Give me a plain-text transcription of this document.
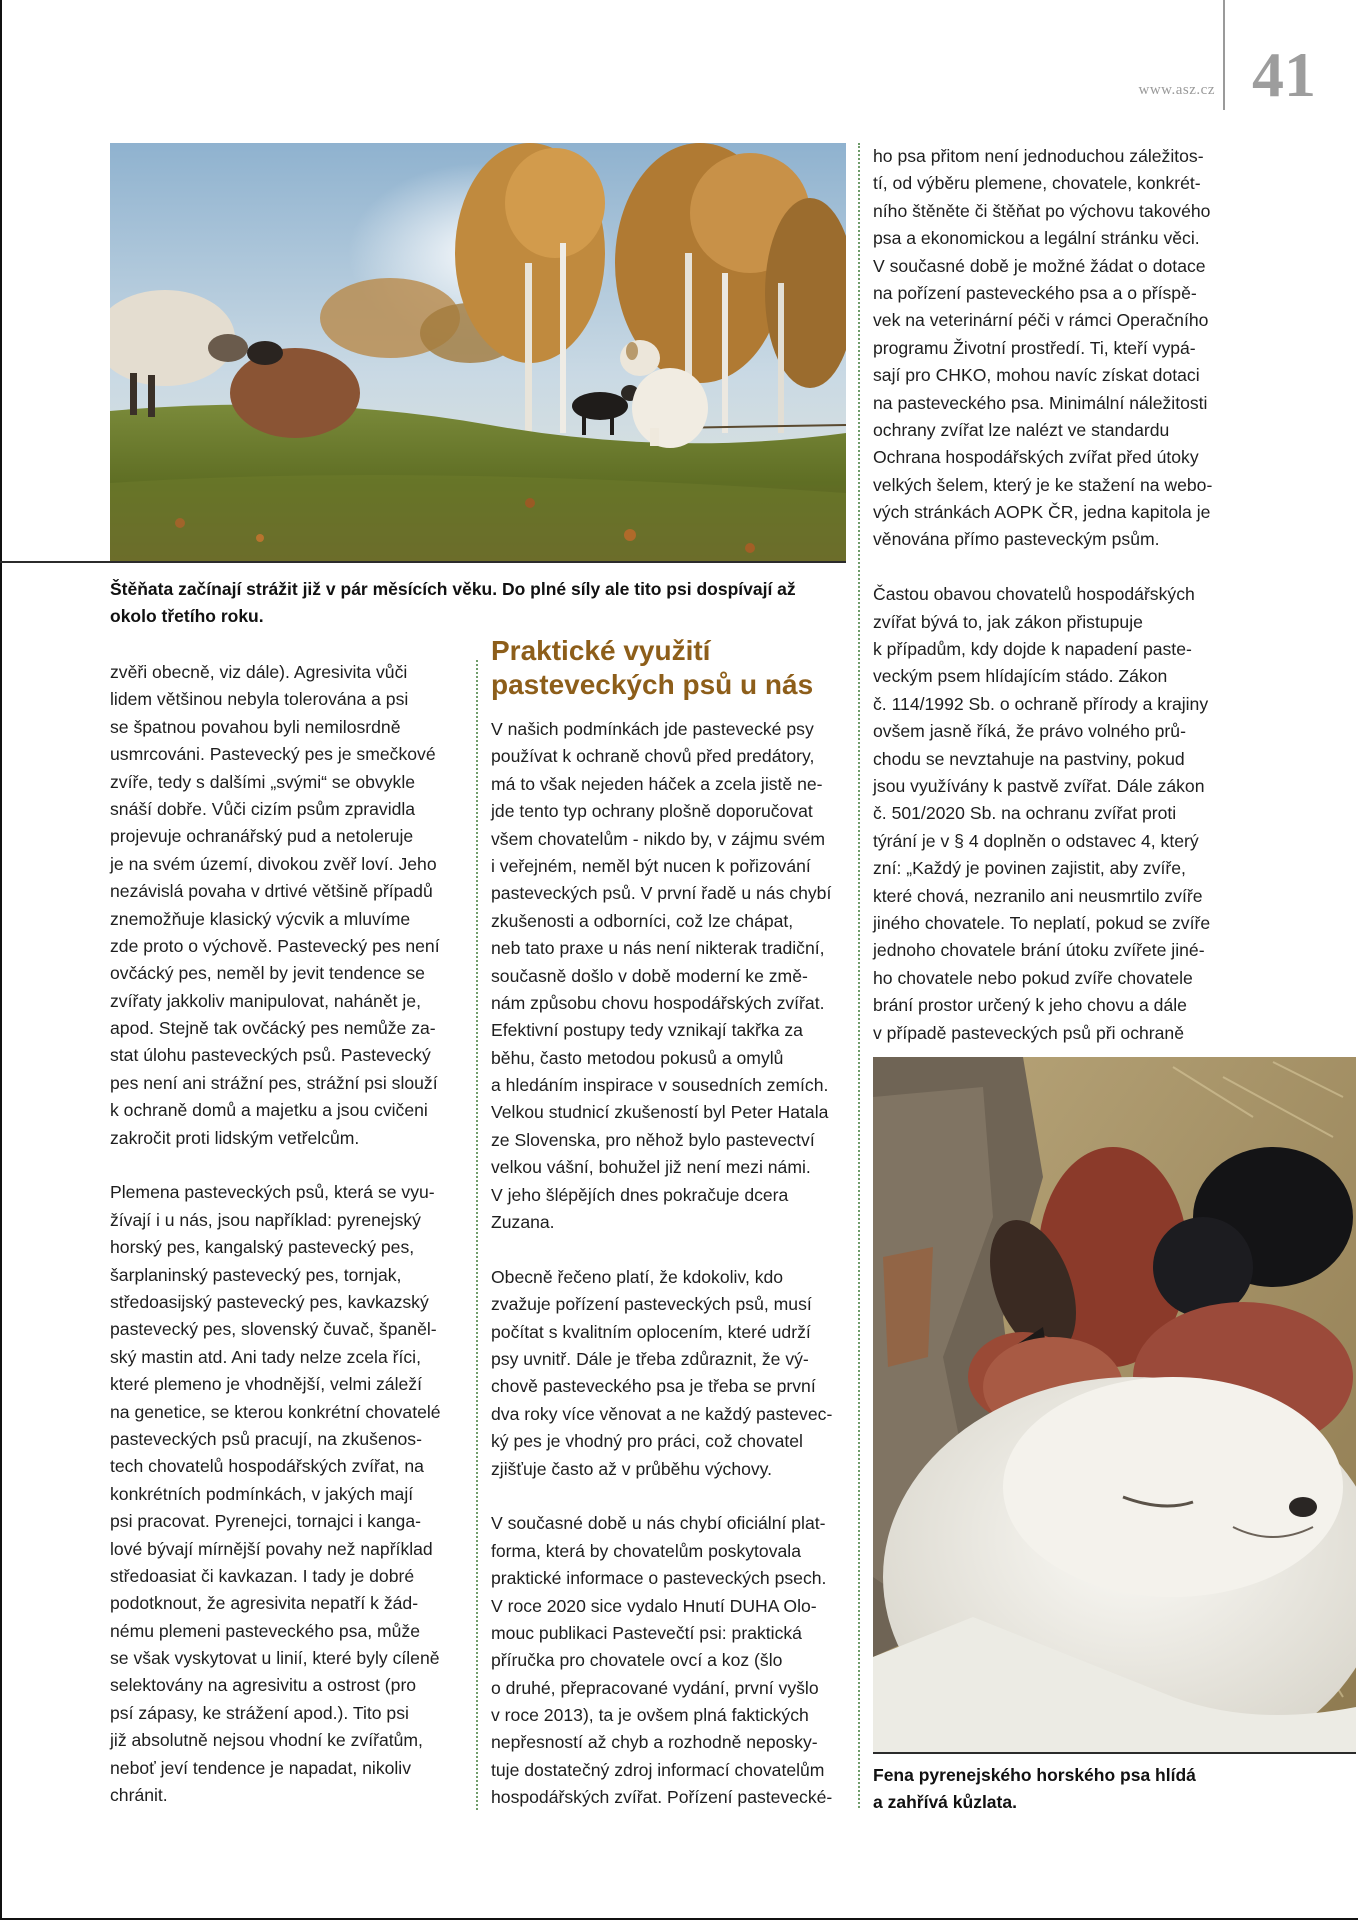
www.asz.cz 41
Štěňata začínají strážit již v pár měsících věku. Do plné síly ale tito psi dospívají až
okolo třetího roku.
zvěři obecně, viz dále). Agresivita vůči
lidem většinou nebyla tolerována a psi
se špatnou povahou byli nemilosrdně
usmrcováni. Pastevecký pes je smečkové
zvíře, tedy s dalšími „svými“ se obvykle
snáší dobře. Vůči cizím psům zpravidla
projevuje ochranářský pud a netoleruje
je na svém území, divokou zvěř loví. Jeho
nezávislá povaha v drtivé většině případů
znemožňuje klasický výcvik a mluvíme
zde proto o výchově. Pastevecký pes není
ovčácký pes, neměl by jevit tendence se
zvířaty jakkoliv manipulovat, nahánět je,
apod. Stejně tak ovčácký pes nemůže za-
stat úlohu pasteveckých psů. Pastevecký
pes není ani strážní pes, strážní psi slouží
k ochraně domů a majetku a jsou cvičeni
zakročit proti lidským vetřelcům.
Plemena pasteveckých psů, která se vyu-
žívají i u nás, jsou například: pyrenejský
horský pes, kangalský pastevecký pes,
šarplaninský pastevecký pes, tornjak,
středoasijský pastevecký pes, kavkazský
pastevecký pes, slovenský čuvač, španěl-
ský mastin atd. Ani tady nelze zcela říci,
které plemeno je vhodnější, velmi záleží
na genetice, se kterou konkrétní chovatelé
pasteveckých psů pracují, na zkušenos-
tech chovatelů hospodářských zvířat, na
konkrétních podmínkách, v jakých mají
psi pracovat. Pyrenejci, tornajci i kanga-
lové bývají mírnější povahy než například
středoasiat či kavkazan. I tady je dobré
podotknout, že agresivita nepatří k žád-
nému plemeni pasteveckého psa, může
se však vyskytovat u linií, které byly cíleně
selektovány na agresivitu a ostrost (pro
psí zápasy, ke strážení apod.). Tito psi
již absolutně nejsou vhodní ke zvířatům,
neboť jeví tendence je napadat, nikoliv
chránit.
Praktické využití
pasteveckých psů u nás
V našich podmínkách jde pastevecké psy
používat k ochraně chovů před predátory,
má to však nejeden háček a zcela jistě ne-
jde tento typ ochrany plošně doporučovat
všem chovatelům - nikdo by, v zájmu svém
i veřejném, neměl být nucen k pořizování
pasteveckých psů. V první řadě u nás chybí
zkušenosti a odborníci, což lze chápat,
neb tato praxe u nás není nikterak tradiční,
současně došlo v době moderní ke změ-
nám způsobu chovu hospodářských zvířat.
Efektivní postupy tedy vznikají takřka za
běhu, často metodou pokusů a omylů
a hledáním inspirace v sousedních zemích.
Velkou studnicí zkušeností byl Peter Hatala
ze Slovenska, pro něhož bylo pastevectví
velkou vášní, bohužel již není mezi námi.
V jeho šlépějích dnes pokračuje dcera
Zuzana.
Obecně řečeno platí, že kdokoliv, kdo
zvažuje pořízení pasteveckých psů, musí
počítat s kvalitním oplocením, které udrží
psy uvnitř. Dále je třeba zdůraznit, že vý-
chově pasteveckého psa je třeba se první
dva roky více věnovat a ne každý pastevec-
ký pes je vhodný pro práci, což chovatel
zjišťuje často až v průběhu výchovy.
V současné době u nás chybí oficiální plat-
forma, která by chovatelům poskytovala
praktické informace o pasteveckých psech.
V roce 2020 sice vydalo Hnutí DUHA Olo-
mouc publikaci Pastevečtí psi: praktická
příručka pro chovatele ovcí a koz (šlo
o druhé, přepracované vydání, první vyšlo
v roce 2013), ta je ovšem plná faktických
nepřesností až chyb a rozhodně neposky-
tuje dostatečný zdroj informací chovatelům
hospodářských zvířat. Pořízení pastevecké-
ho psa přitom není jednoduchou záležitos-
tí, od výběru plemene, chovatele, konkrét-
ního štěněte či štěňat po výchovu takového
psa a ekonomickou a legální stránku věci.
V současné době je možné žádat o dotace
na pořízení pasteveckého psa a o příspě-
vek na veterinární péči v rámci Operačního
programu Životní prostředí. Ti, kteří vypá-
sají pro CHKO, mohou navíc získat dotaci
na pasteveckého psa. Minimální náležitosti
ochrany zvířat lze nalézt ve standardu
Ochrana hospodářských zvířat před útoky
velkých šelem, který je ke stažení na webo-
vých stránkách AOPK ČR, jedna kapitola je
věnována přímo pasteveckým psům.
Častou obavou chovatelů hospodářských
zvířat bývá to, jak zákon přistupuje
k případům, kdy dojde k napadení paste-
veckým psem hlídajícím stádo. Zákon
č. 114/1992 Sb. o ochraně přírody a krajiny
ovšem jasně říká, že právo volného prů-
chodu se nevztahuje na pastviny, pokud
jsou využívány k pastvě zvířat. Dále zákon
č. 501/2020 Sb. na ochranu zvířat proti
týrání je v § 4 doplněn o odstavec 4, který
zní: „Každý je povinen zajistit, aby zvíře,
které chová, nezranilo ani neusmrtilo zvíře
jiného chovatele. To neplatí, pokud se zvíře
jednoho chovatele brání útoku zvířete jiné-
ho chovatele nebo pokud zvíře chovatele
brání prostor určený k jeho chovu a dále
v případě pasteveckých psů při ochraně
Fena pyrenejského horského psa hlídá
a zahřívá kůzlata.
